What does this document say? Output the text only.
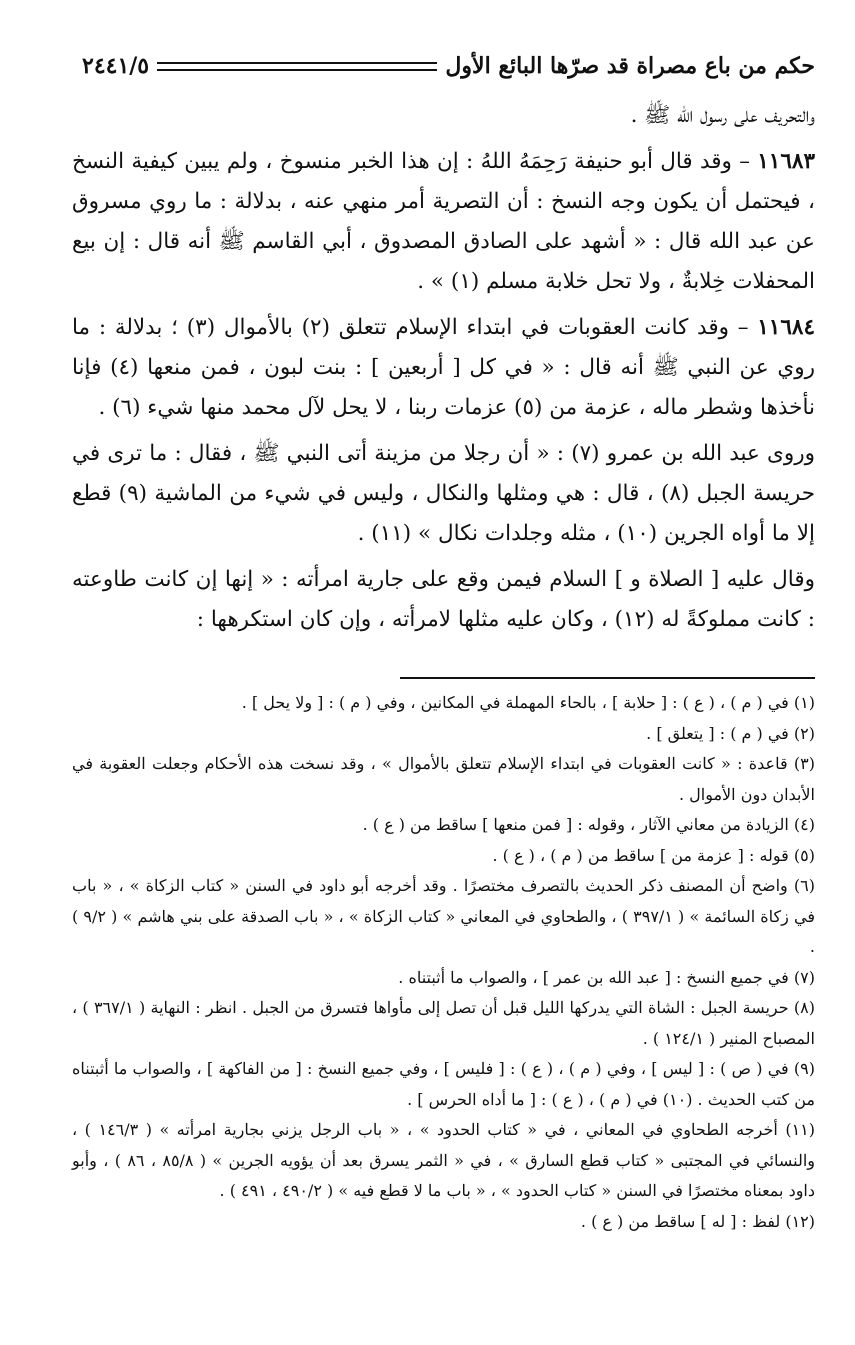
حكم من باع مصراة قد صرّها البائع الأول
٢٤٤١/٥

والتحريف على رسول الله ﷺ .

١١٦٨٣ – وقد قال أبو حنيفة رَحِمَهُ اللهُ : إن هذا الخبر منسوخ ، ولم يبين كيفية النسخ ، فيحتمل أن يكون وجه النسخ : أن التصرية أمر منهي عنه ، بدلالة : ما روي مسروق عن عبد الله قال : « أشهد على الصادق المصدوق ، أبي القاسم ﷺ أنه قال : إن بيع المحفلات خِلابةٌ ، ولا تحل خلابة مسلم (١) » .

١١٦٨٤ – وقد كانت العقوبات في ابتداء الإسلام تتعلق (٢) بالأموال (٣) ؛ بدلالة : ما روي عن النبي ﷺ أنه قال : « في كل [ أربعين ] : بنت لبون ، فمن منعها (٤) فإنا نأخذها وشطر ماله ، عزمة من (٥) عزمات ربنا ، لا يحل لآل محمد منها شيء (٦) .

وروى عبد الله بن عمرو (٧) : « أن رجلا من مزينة أتى النبي ﷺ ، فقال : ما ترى في حريسة الجبل (٨) ، قال : هي ومثلها والنكال ، وليس في شيء من الماشية (٩) قطع إلا ما أواه الجرين (١٠) ، مثله وجلدات نكال » (١١) .

وقال عليه [ الصلاة و ] السلام فيمن وقع على جارية امرأته : « إنها إن كانت طاوعته : كانت مملوكةً له (١٢) ، وكان عليه مثلها لامرأته ، وإن كان استكرهها :

(١) في ( م ) ، ( ع ) : [ حلابة ] ، بالحاء المهملة في المكانين ، وفي ( م ) : [ ولا يحل ] .

(٢) في ( م ) : [ يتعلق ] .

(٣) قاعدة : « كانت العقوبات في ابتداء الإسلام تتعلق بالأموال » ، وقد نسخت هذه الأحكام وجعلت العقوبة في الأبدان دون الأموال .

(٤) الزيادة من معاني الآثار ، وقوله : [ فمن منعها ] ساقط من ( ع ) .

(٥) قوله : [ عزمة من ] ساقط من ( م ) ، ( ع ) .

(٦) واضح أن المصنف ذكر الحديث بالتصرف مختصرًا . وقد أخرجه أبو داود في السنن « كتاب الزكاة » ، « باب في زكاة السائمة » ( ٣٩٧/١ ) ، والطحاوي في المعاني « كتاب الزكاة » ، « باب الصدقة على بني هاشم » ( ٩/٢ ) .

(٧) في جميع النسخ : [ عبد الله بن عمر ] ، والصواب ما أثبتناه .

(٨) حريسة الجبل : الشاة التي يدركها الليل قبل أن تصل إلى مأواها فتسرق من الجبل . انظر : النهاية ( ٣٦٧/١ ) ، المصباح المنير ( ١٢٤/١ ) .

(٩) في ( ص ) : [ ليس ] ، وفي ( م ) ، ( ع ) : [ فليس ] ، وفي جميع النسخ : [ من الفاكهة ] ، والصواب ما أثبتناه من كتب الحديث . (١٠) في ( م ) ، ( ع ) : [ ما أداه الحرس ] .

(١١) أخرجه الطحاوي في المعاني ، في « كتاب الحدود » ، « باب الرجل يزني بجارية امرأته » ( ١٤٦/٣ ) ، والنسائي في المجتبى « كتاب قطع السارق » ، في « الثمر يسرق بعد أن يؤويه الجرين » ( ٨٥/٨ ، ٨٦ ) ، وأبو داود بمعناه مختصرًا في السنن « كتاب الحدود » ، « باب ما لا قطع فيه » ( ٤٩٠/٢ ، ٤٩١ ) .

(١٢) لفظ : [ له ] ساقط من ( ع ) .
